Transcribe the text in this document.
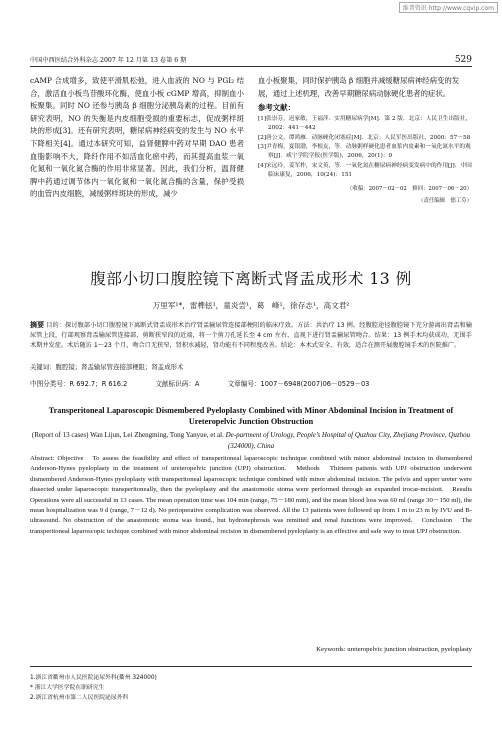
维普资讯 http://www.cqvip.com
中国中西医结合外科杂志 2007 年 12 月第 13 卷第 6 期	529

cAMP 合成增多，致使平滑肌松弛，进入血液的 NO 与 PGI₂ 结合，激活血小板鸟苷酸环化酶，使血小板 cGMP 增高，抑制血小板聚集。同时 NO 还参与胰岛 β 细胞分泌胰岛素的过程。目前有研究表明，NO 的失衡是内皮细胞受损的重要标志，促成粥样斑块的形成[3]。还有研究表明，糖尿病神经病变的发生与 NO 水平下降相关[4]。通过本研究可知，益肾健脾中药对早期 DAO 患者血脂影响不大，降纤作用不如活血化瘀中药，而其提高血浆一氧化氮和一氧化氮合酶的作用非常显著。因此，我们分析，温肾健脾中药通过调节体内一氧化氮和一氧化氮合酶的含量，保护受损的血管内皮细胞，减缓粥样斑块的形成，减少

血小板聚集，同时保护胰岛 β 细胞并减缓糖尿病神经病变的发展，通过上述机理，改善早期糖尿病动脉硬化患者的症状。

参考文献：

[1]张崇芬，迟家敏，王福萍．实用糖尿病学[M]．第 2 版．北京：人民卫生出版社，2002：441－442

[2]唐公文，谭鸿雁．动脉硬化闭塞症[M]．北京：人民军医出版社，2000：57－58

[3]尹青梅，夏银渤，李根友，等．动脉粥样硬化患者血浆内皮素和一氧化氮水平的观察[J]．咸宁学院学报(医学版)，2006，20(1)：9

[4]宋远玲，姜军柞，宋文英，等．一氧化氮在糖尿病神经病变发病中的作用[J]．中国临床康复，2006，10(24)：151

（收稿：2007－02－02　修回：2007－06－20）

（责任编辑　德工芬）

腹部小切口腹腔镜下离断式肾盂成形术 13 例
万里军¹*，雷榫铉¹，童炎尝¹，葛　峰¹，徐存志¹，高文君²
摘要 目的：探讨腹部小切口腹腔镜下离断式肾盂成形术治疗肾盂输尿管连接部梗阻的临床疗效。方法：共治疗 13 例。经腹腔途径腹腔镜下充分游离出肾盂和输尿管上段，行部观察肾盂输尿管连接部，剪断狭窄段的近端，将一个剪刀孔延长至 4 cm 左右，直视下进行肾盂输尿管吻合。结果：13 例手术均获成功，无围手术期并发症。术后随访 1～23 个月，吻合口无狭窄，肾积水减轻，肾功能有不同程度改善。结论：本术式安全、有效，适合在测开展腹腔镜手术的医院推广。
关键词：腹腔镜；肾盂输尿管连接部梗阻；肾盂成形术
中图分类号：R 692.7；R 616.2	文献标识码：A	文章编号：1007－6948(2007)06－0529－03
Transperitoneal Laparoscopic Dismembered Pyeloplasty Combined with Minor Abdominal Incision in Treatment of Ureteropelvic Junction Obstruction
(Report of 13 cases) Wan Lijun, Lei Zhengming, Tong Yanyue, et al. De-partment of Urology, People’s Hospital of Quzhou City, Zhejiang Province, Quzhou (324000), China
Abstract: Objective　To assess the feasibility and effect of transperitoneal laparoscopic technique combined with minor abdominal incision in dismembered Anderson-Hynes pyeloplasty in the treatment of ureteropelvic junction (UPJ) obstruction.　Methods　Thirteen patients with UPJ obstruction underwent dismembered Anderson-Hynes pyeloplasty with transperitoneal laparoscopic technique combined with minor abdominal incision. The pelvis and upper ureter were dissected under laparoscopic transperitoneally, then the pyeloplasty and the anastomotic stoma were performed through an expanded trocar-mcisiott.　Results　Operations were all successful in 13 cases. The mean operation time was 104 min (range, 75－180 min), and the mean blood loss was 60 ml (range 30－150 ml), the mean hospitalization was 9 d (range, 7－12 d). No perioperative complication was observed. All the 13 patients were followed up from 1 m to 23 m by IVU and B-ultrasound. No obstruction of the anastomotic stoma was found., but hydronephrosis was remitted and renal functions were improved.　Conclusion　The transperitoneal laparoscopic techique combined with minor abdominal recision in dismembered pyeloplasty is an effective and safe way to treat UPJ obstruction.
Keywords: ureteropelvic junction obstruction, pyeloplasty

1.浙江省衢州市人民医院泌尿外科(衢州 324000)

* 浙江大学医学院在职研究生

2.浙江省杭州市第二人民医院泌尿外科
